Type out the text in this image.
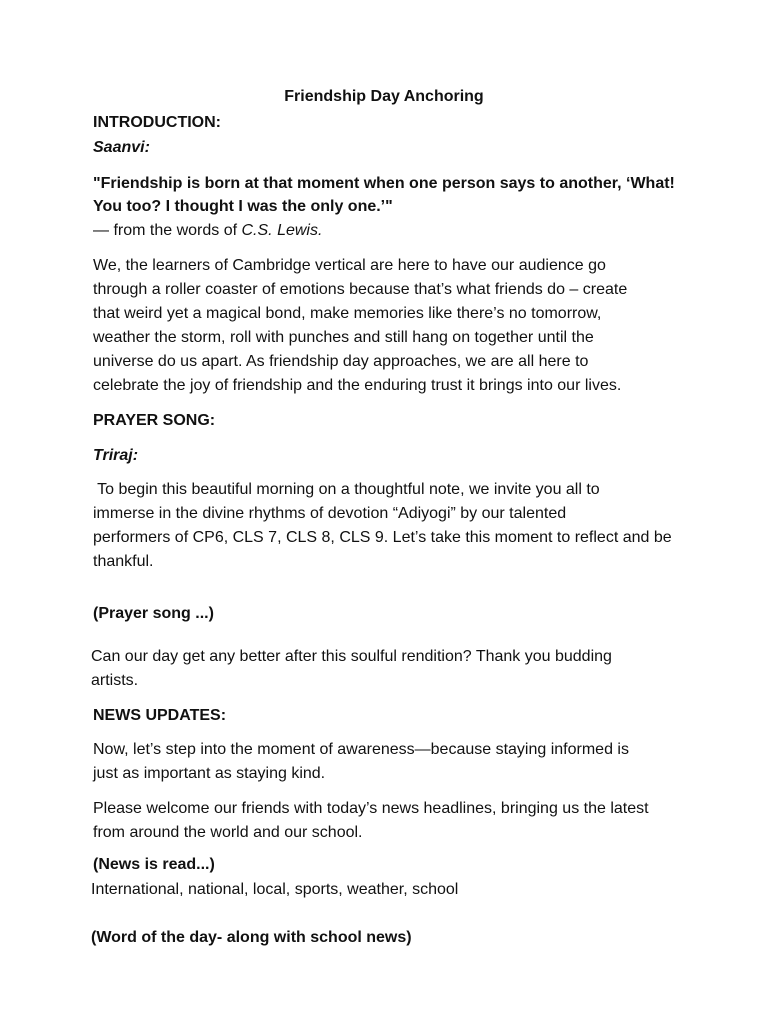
Friendship Day Anchoring
INTRODUCTION:
Saanvi:
"Friendship is born at that moment when one person says to another, ‘What!
You too? I thought I was the only one.’"
— from the words of C.S. Lewis.
We, the learners of Cambridge vertical are here to have our audience go
through a roller coaster of emotions because that’s what friends do – create
that weird yet a magical bond, make memories like there’s no tomorrow,
weather the storm, roll with punches and still hang on together until the
universe do us apart. As friendship day approaches, we are all here to
celebrate the joy of friendship and the enduring trust it brings into our lives.
PRAYER SONG:
Triraj:
To begin this beautiful morning on a thoughtful note, we invite you all to
immerse in the divine rhythms of devotion “Adiyogi” by our talented
performers of CP6, CLS 7, CLS 8, CLS 9. Let’s take this moment to reflect and be
thankful.
(Prayer song ...)
Can our day get any better after this soulful rendition? Thank you budding
artists.
NEWS UPDATES:
Now, let’s step into the moment of awareness—because staying informed is
just as important as staying kind.
Please welcome our friends with today’s news headlines, bringing us the latest
from around the world and our school.
(News is read...)
International, national, local, sports, weather, school
(Word of the day- along with school news)
